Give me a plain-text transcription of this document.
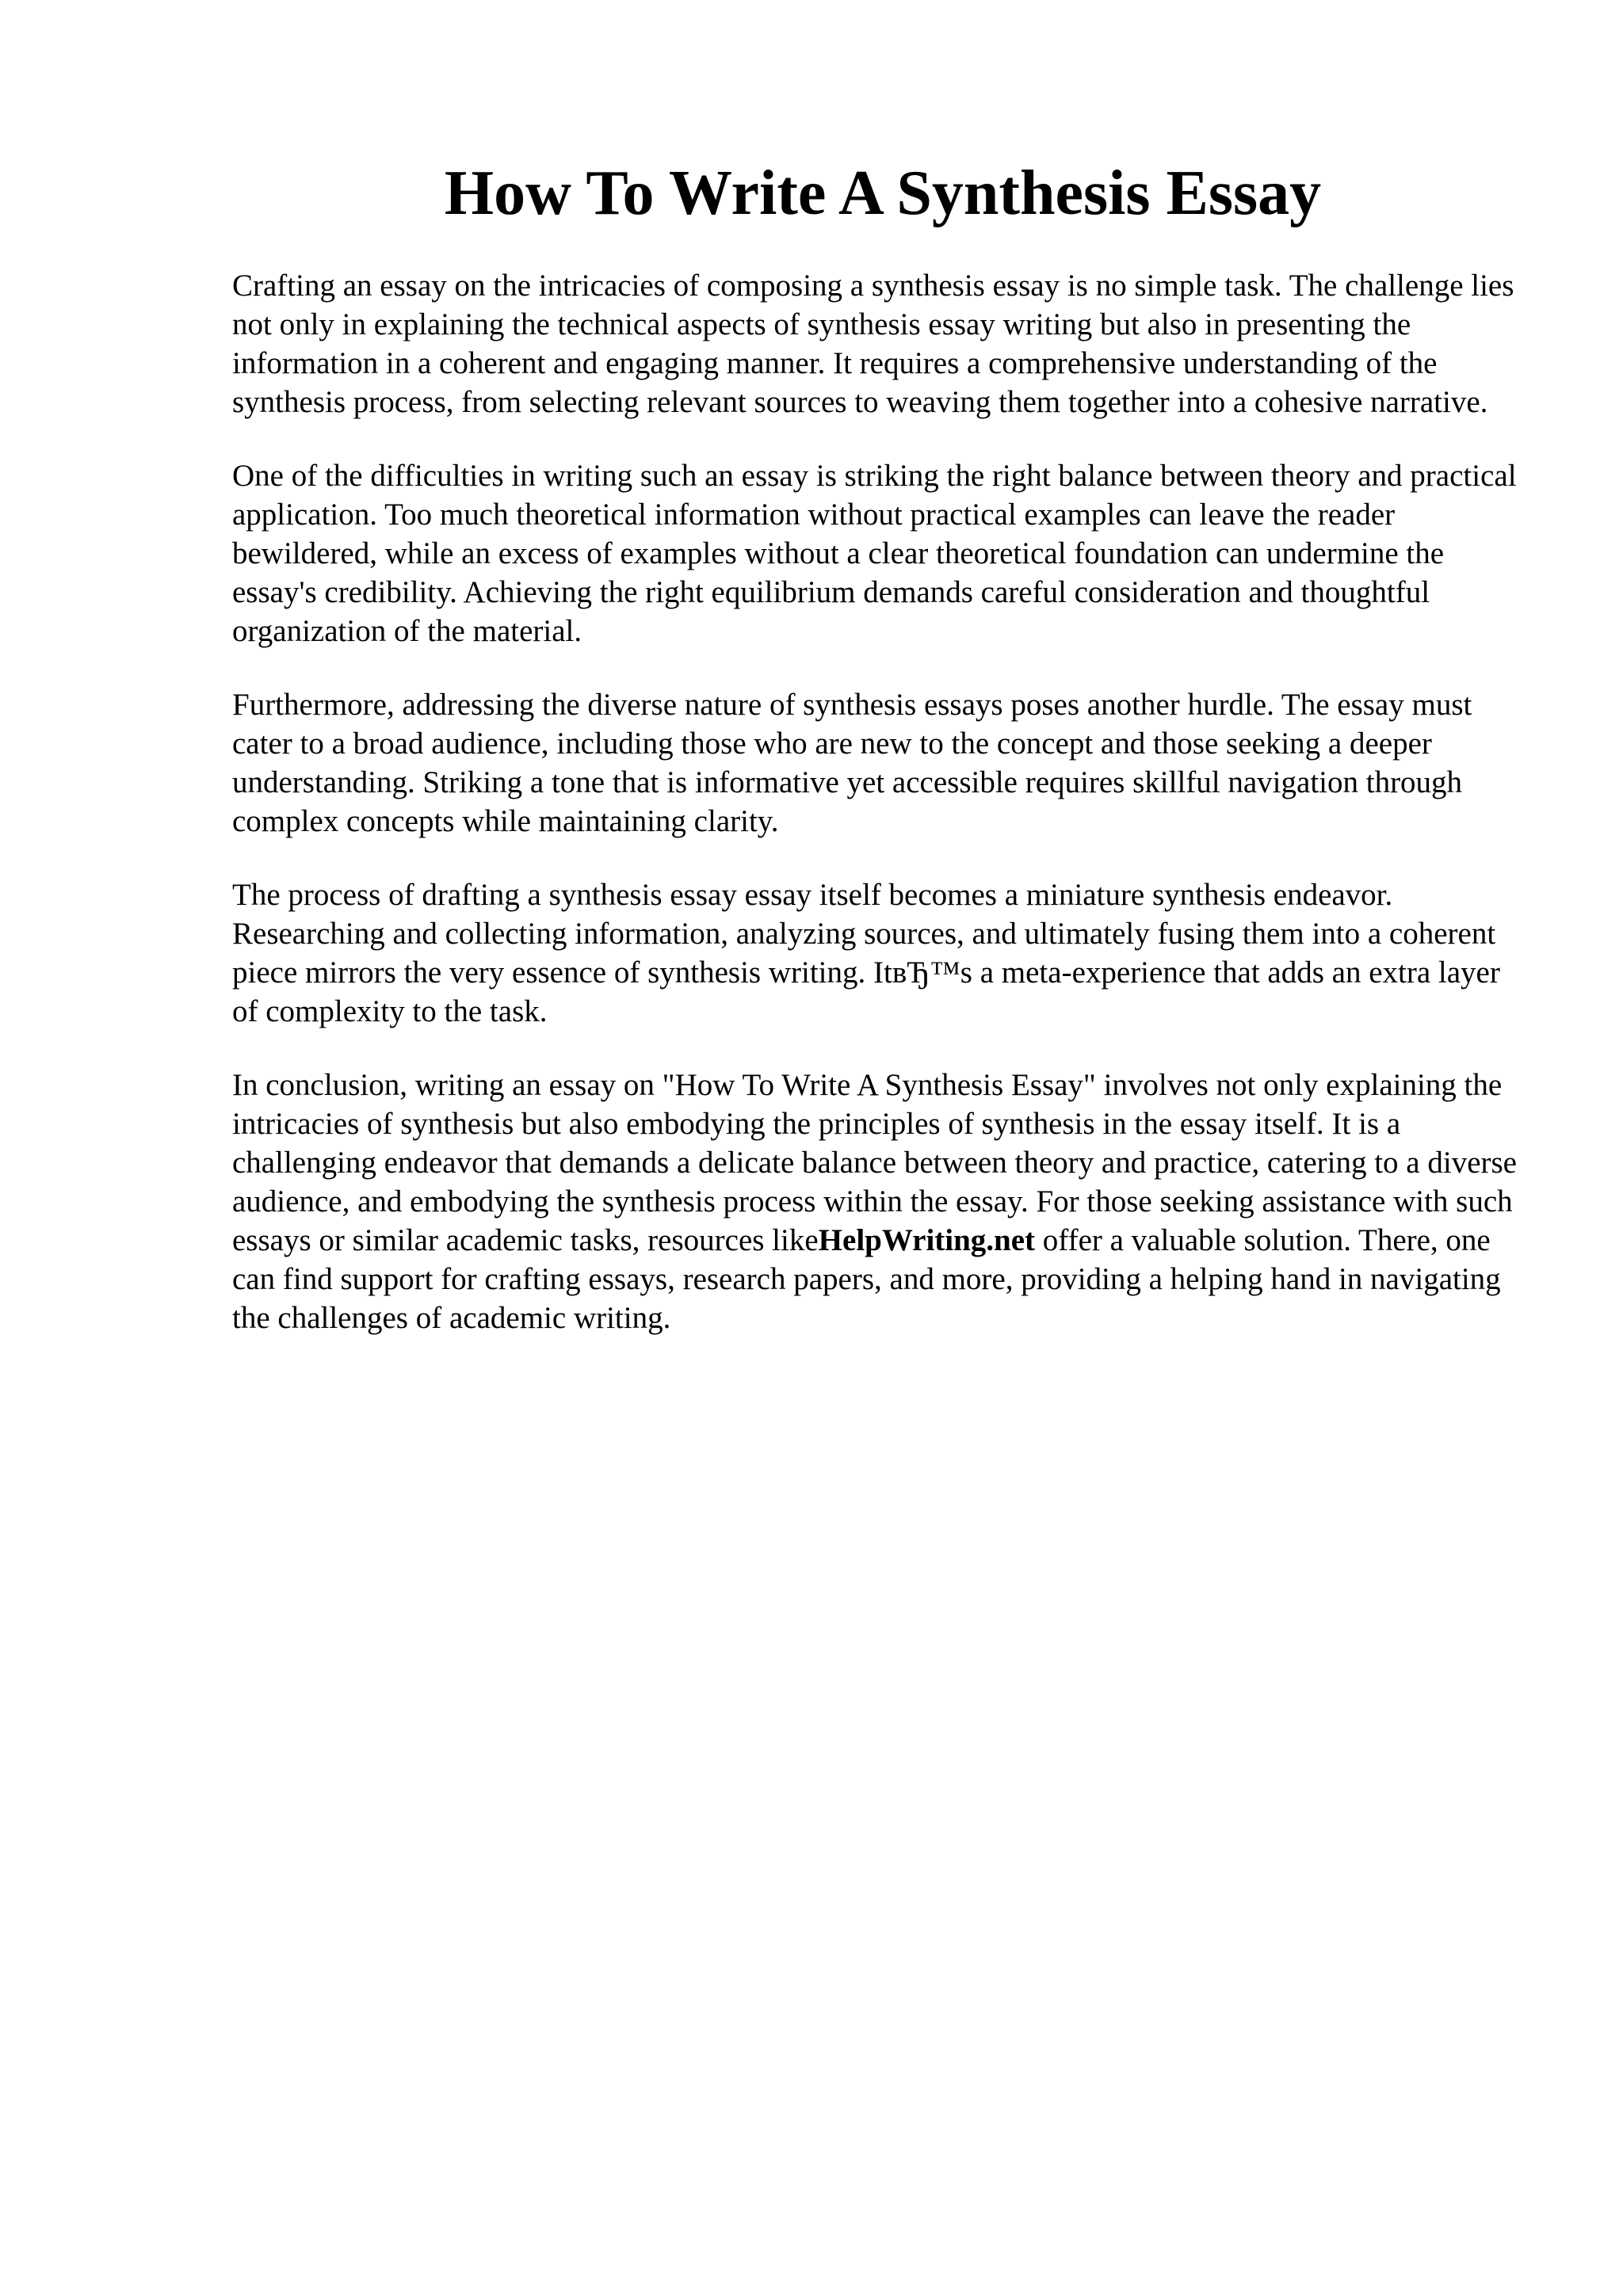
How To Write A Synthesis Essay

Crafting an essay on the intricacies of composing a synthesis essay is no simple task. The challenge lies not only in explaining the technical aspects of synthesis essay writing but also in presenting the information in a coherent and engaging manner. It requires a comprehensive understanding of the synthesis process, from selecting relevant sources to weaving them together into a cohesive narrative.

One of the difficulties in writing such an essay is striking the right balance between theory and practical application. Too much theoretical information without practical examples can leave the reader bewildered, while an excess of examples without a clear theoretical foundation can undermine the essay's credibility. Achieving the right equilibrium demands careful consideration and thoughtful organization of the material.

Furthermore, addressing the diverse nature of synthesis essays poses another hurdle. The essay must cater to a broad audience, including those who are new to the concept and those seeking a deeper understanding. Striking a tone that is informative yet accessible requires skillful navigation through complex concepts while maintaining clarity.

The process of drafting a synthesis essay essay itself becomes a miniature synthesis endeavor. Researching and collecting information, analyzing sources, and ultimately fusing them into a coherent piece mirrors the very essence of synthesis writing. ItвЂ™s a meta-experience that adds an extra layer of complexity to the task.

In conclusion, writing an essay on "How To Write A Synthesis Essay" involves not only explaining the intricacies of synthesis but also embodying the principles of synthesis in the essay itself. It is a challenging endeavor that demands a delicate balance between theory and practice, catering to a diverse audience, and embodying the synthesis process within the essay. For those seeking assistance with such essays or similar academic tasks, resources likeHelpWriting.net offer a valuable solution. There, one can find support for crafting essays, research papers, and more, providing a helping hand in navigating the challenges of academic writing.
